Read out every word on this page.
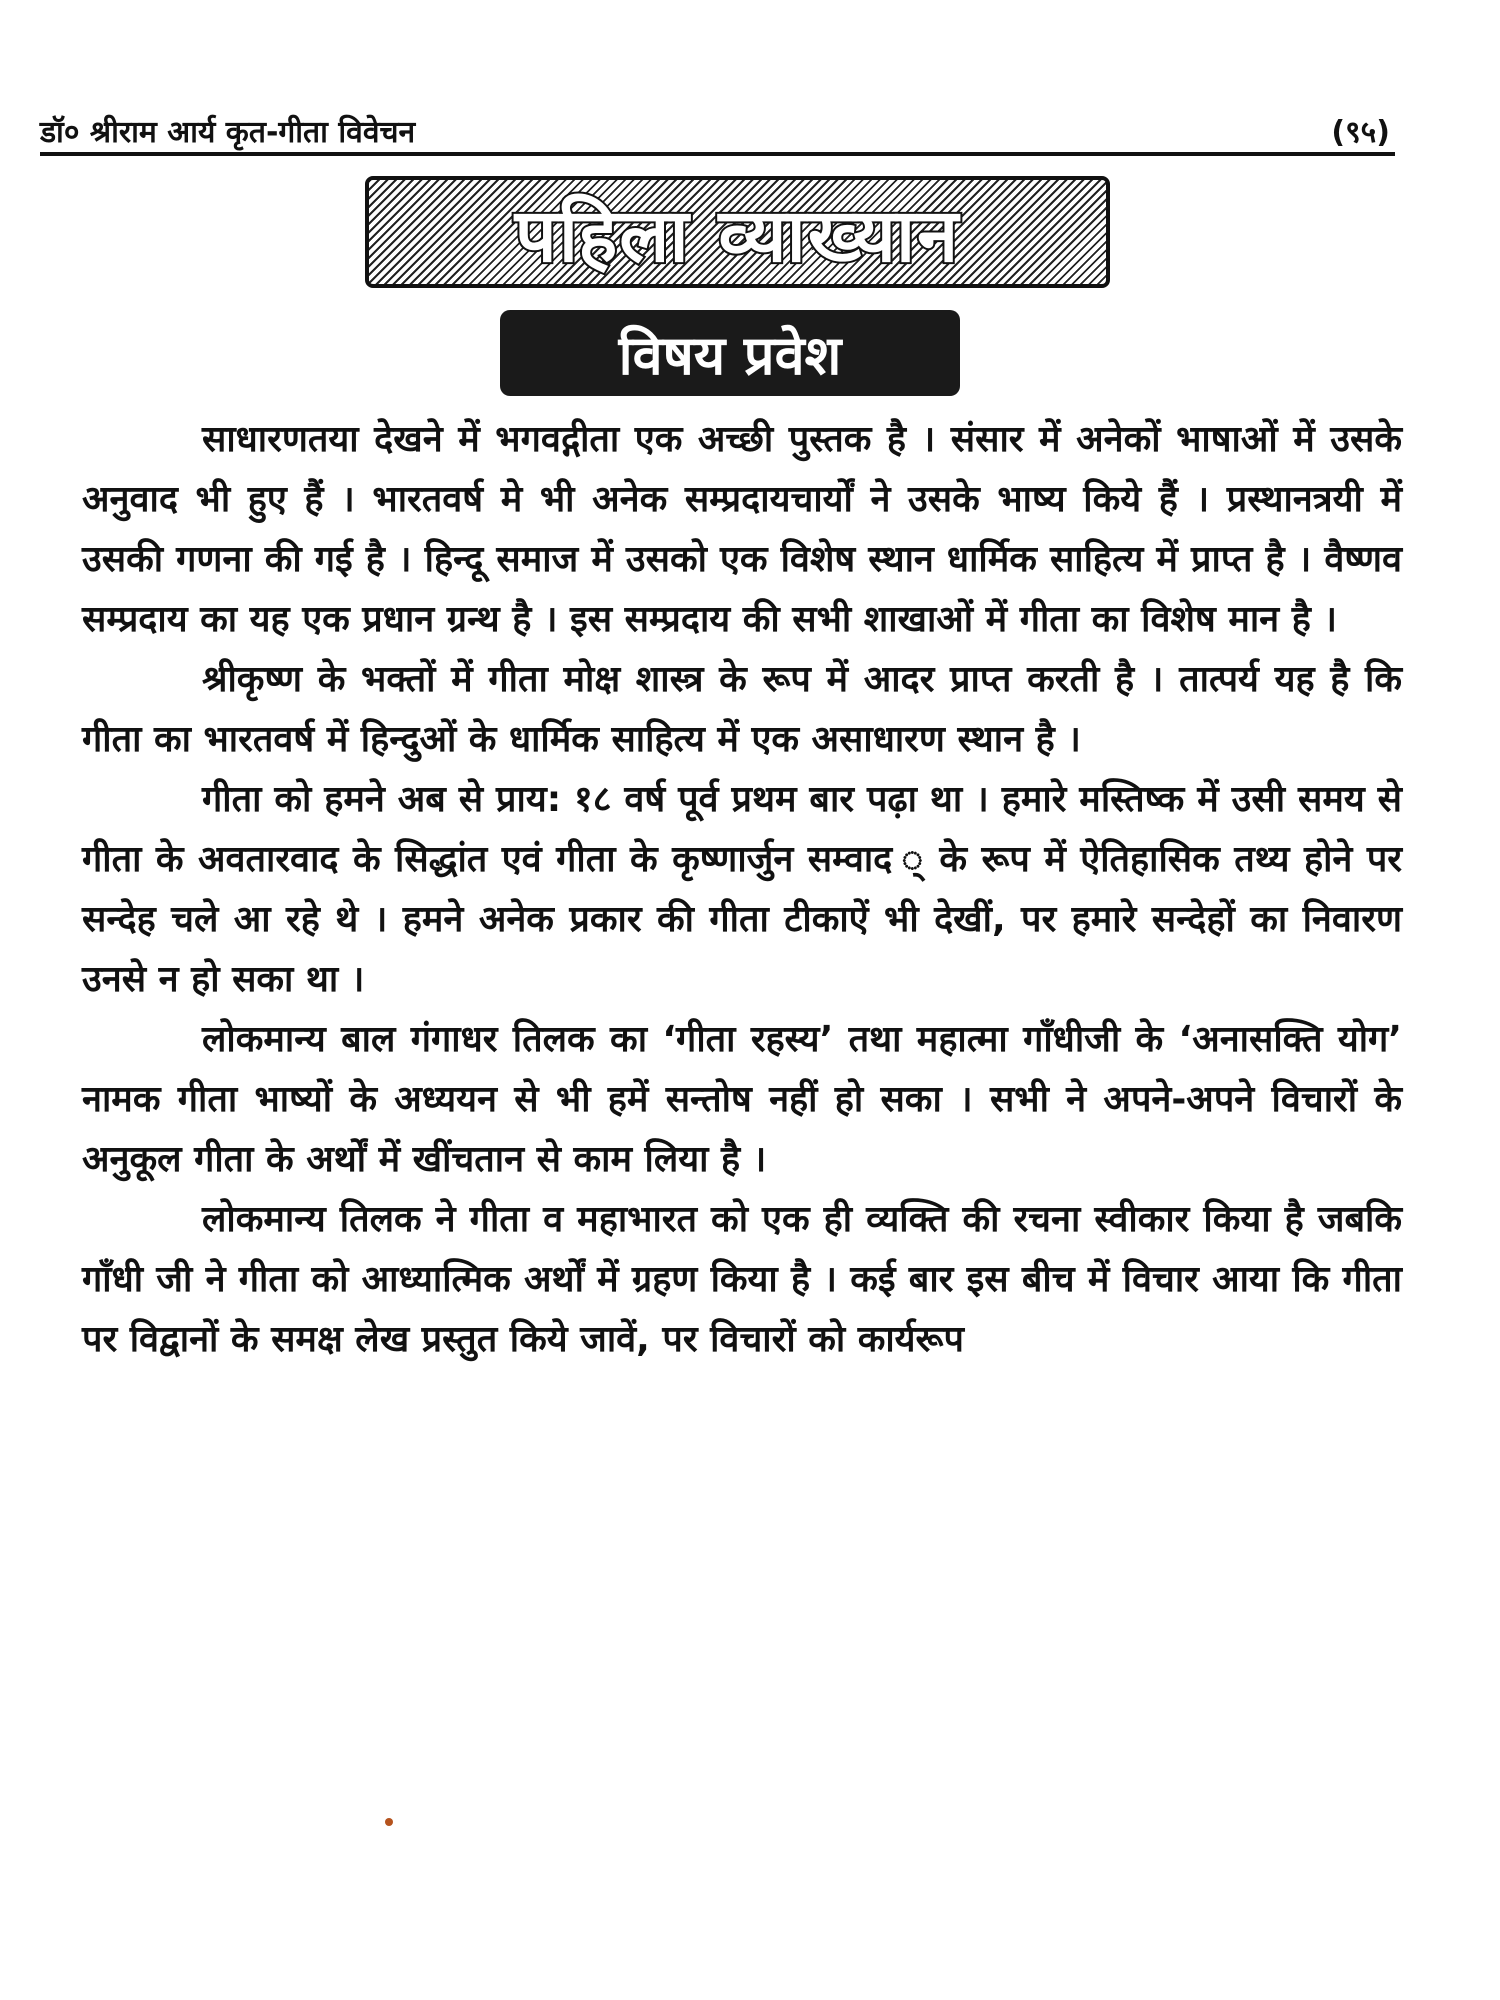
डॉ० श्रीराम आर्य कृत-गीता विवेचन	(९५)
पहिला व्याख्यान
विषय प्रवेश

साधारणतया देखने में भगवद्गीता एक अच्छी पुस्तक है । संसार में अनेकों भाषाओं में उसके अनुवाद भी हुए हैं । भारतवर्ष मे भी अनेक सम्प्रदायचार्यों ने उसके भाष्य किये हैं । प्रस्थानत्रयी में उसकी गणना की गई है । हिन्दू समाज में उसको एक विशेष स्थान धार्मिक साहित्य में प्राप्त है । वैष्णव सम्प्रदाय का यह एक प्रधान ग्रन्थ है । इस सम्प्रदाय की सभी शाखाओं में गीता का विशेष मान है ।

श्रीकृष्ण के भक्तों में गीता मोक्ष शास्त्र के रूप में आदर प्राप्त करती है । तात्पर्य यह है कि गीता का भारतवर्ष में हिन्दुओं के धार्मिक साहित्य में एक असाधारण स्थान है ।

गीता को हमने अब से प्राय: १८ वर्ष पूर्व प्रथम बार पढ़ा था । हमारे मस्तिष्क में उसी समय से गीता के अवतारवाद के सिद्धांत एवं गीता के कृष्णार्जुन सम्वाद ् के रूप में ऐतिहासिक तथ्य होने पर सन्देह चले आ रहे थे । हमने अनेक प्रकार की गीता टीकाऐं भी देखीं, पर हमारे सन्देहों का निवारण उनसे न हो सका था ।

लोकमान्य बाल गंगाधर तिलक का ‘गीता रहस्य’ तथा महात्मा गाँधीजी के ‘अनासक्ति योग’ नामक गीता भाष्यों के अध्ययन से भी हमें सन्तोष नहीं हो सका । सभी ने अपने-अपने विचारों के अनुकूल गीता के अर्थों में खींचतान से काम लिया है ।

लोकमान्य तिलक ने गीता व महाभारत को एक ही व्यक्ति की रचना स्वीकार किया है जबकि गाँधी जी ने गीता को आध्यात्मिक अर्थों में ग्रहण किया है । कई बार इस बीच में विचार आया कि गीता पर विद्वानों के समक्ष लेख प्रस्तुत किये जावें, पर विचारों को कार्यरूप
